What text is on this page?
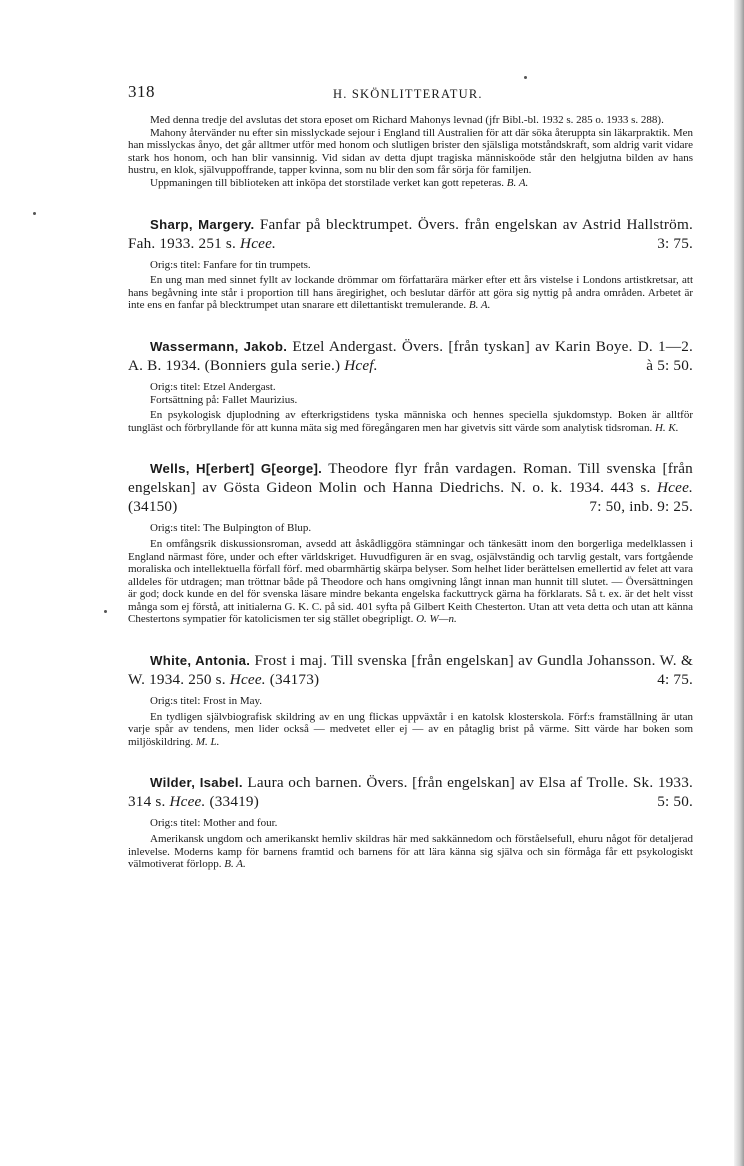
318	H. SKÖNLITTERATUR.

Med denna tredje del avslutas det stora eposet om Richard Mahonys levnad (jfr Bibl.-bl. 1932 s. 285 o. 1933 s. 288).

Mahony återvänder nu efter sin misslyckade sejour i England till Australien för att där söka återuppta sin läkarpraktik. Men han misslyckas ånyo, det går alltmer utför med honom och slutligen brister den själsliga motståndskraft, som aldrig varit vidare stark hos honom, och han blir vansinnig. Vid sidan av detta djupt tragiska människoöde står den helgjutna bilden av hans hustru, en klok, självuppoffrande, tapper kvinna, som nu blir den som får sörja för familjen.

Uppmaningen till biblioteken att inköpa det storstilade verket kan gott repeteras. B. A.

Sharp, Margery. Fanfar på blecktrumpet. Övers. från engelskan av Astrid Hallström. Fah. 1933. 251 s. Hcee.	3: 75.

Orig:s titel: Fanfare for tin trumpets.

En ung man med sinnet fyllt av lockande drömmar om författarära märker efter ett års vistelse i Londons artistkretsar, att hans begåvning inte står i proportion till hans äregirighet, och beslutar därför att göra sig nyttig på andra områden. Arbetet är inte ens en fanfar på blecktrumpet utan snarare ett dilettantiskt tremulerande. B. A.

Wassermann, Jakob. Etzel Andergast. Övers. [från tyskan] av Karin Boye. D. 1—2. A. B. 1934. (Bonniers gula serie.) Hcef.	à 5: 50.

Orig:s titel: Etzel Andergast.

Fortsättning på: Fallet Maurizius.

En psykologisk djuplodning av efterkrigstidens tyska människa och hennes speciella sjukdomstyp. Boken är alltför tungläst och förbryllande för att kunna mäta sig med föregångaren men har givetvis sitt värde som analytisk tidsroman. H. K.

Wells, H[erbert] G[eorge]. Theodore flyr från vardagen. Roman. Till svenska [från engelskan] av Gösta Gideon Molin och Hanna Diedrichs. N. o. k. 1934. 443 s. Hcee. (34150)	7: 50, inb. 9: 25.

Orig:s titel: The Bulpington of Blup.

En omfångsrik diskussionsroman, avsedd att åskådliggöra stämningar och tänkesätt inom den borgerliga medelklassen i England närmast före, under och efter världskriget. Huvudfiguren är en svag, osjälvständig och tarvlig gestalt, vars fortgående moraliska och intellektuella förfall förf. med obarmhärtig skärpa belyser. Som helhet lider berättelsen emellertid av felet att vara alldeles för utdragen; man tröttnar både på Theodore och hans omgivning långt innan man hunnit till slutet. — Översättningen är god; dock kunde en del för svenska läsare mindre bekanta engelska fackuttryck gärna ha förklarats. Så t. ex. är det helt visst många som ej förstå, att initialerna G. K. C. på sid. 401 syfta på Gilbert Keith Chesterton. Utan att veta detta och utan att känna Chestertons sympatier för katolicismen ter sig stället obegripligt. O. W—n.

White, Antonia. Frost i maj. Till svenska [från engelskan] av Gundla Johansson. W. & W. 1934. 250 s. Hcee. (34173)	4: 75.

Orig:s titel: Frost in May.

En tydligen självbiografisk skildring av en ung flickas uppväxtår i en katolsk klosterskola. Förf:s framställning är utan varje spår av tendens, men lider också — medvetet eller ej — av en påtaglig brist på värme. Sitt värde har boken som miljöskildring. M. L.

Wilder, Isabel. Laura och barnen. Övers. [från engelskan] av Elsa af Trolle. Sk. 1933. 314 s. Hcee. (33419)	5: 50.

Orig:s titel: Mother and four.

Amerikansk ungdom och amerikanskt hemliv skildras här med sakkännedom och förståelsefull, ehuru något för detaljerad inlevelse. Moderns kamp för barnens framtid och barnens för att lära känna sig själva och sin förmåga får ett psykologiskt välmotiverat förlopp. B. A.
